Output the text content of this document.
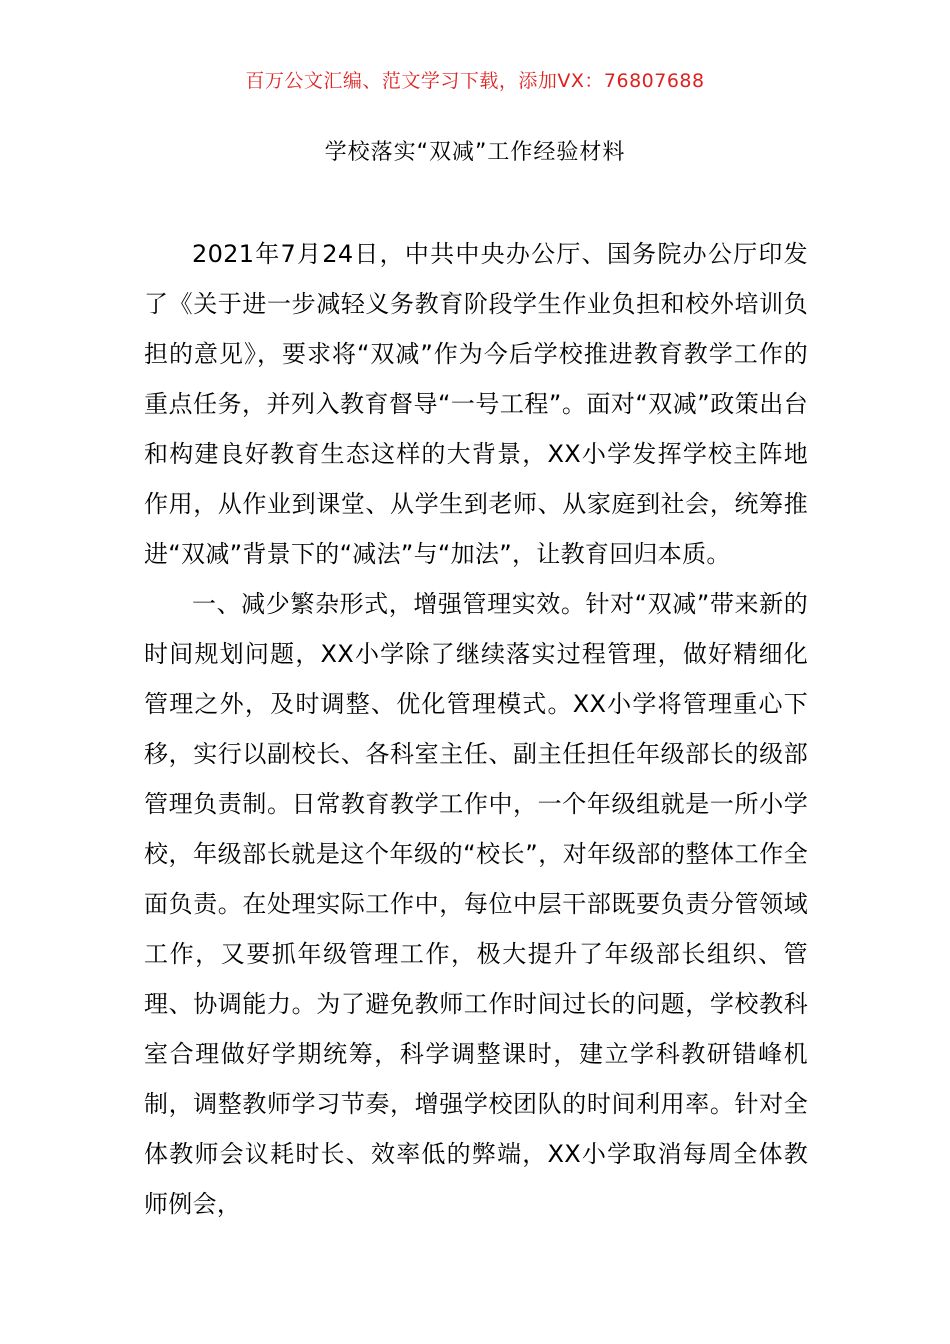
百万公文汇编、范文学习下载，添加VX：76807688
学校落实“双减”工作经验材料

2021年7月24日，中共中央办公厅、国务院办公厅印发了《关于进一步减轻义务教育阶段学生作业负担和校外培训负担的意见》，要求将“双减”作为今后学校推进教育教学工作的重点任务，并列入教育督导“一号工程”。面对“双减”政策出台和构建良好教育生态这样的大背景，XX小学发挥学校主阵地作用，从作业到课堂、从学生到老师、从家庭到社会，统筹推进“双减”背景下的“减法”与“加法”，让教育回归本质。

一、减少繁杂形式，增强管理实效。针对“双减”带来新的时间规划问题，XX小学除了继续落实过程管理，做好精细化管理之外，及时调整、优化管理模式。XX小学将管理重心下移，实行以副校长、各科室主任、副主任担任年级部长的级部管理负责制。日常教育教学工作中，一个年级组就是一所小学校，年级部长就是这个年级的“校长”，对年级部的整体工作全面负责。在处理实际工作中，每位中层干部既要负责分管领域工作，又要抓年级管理工作，极大提升了年级部长组织、管理、协调能力。为了避免教师工作时间过长的问题，学校教科室合理做好学期统筹，科学调整课时，建立学科教研错峰机制，调整教师学习节奏，增强学校团队的时间利用率。针对全体教师会议耗时长、效率低的弊端，XX小学取消每周全体教师例会，
